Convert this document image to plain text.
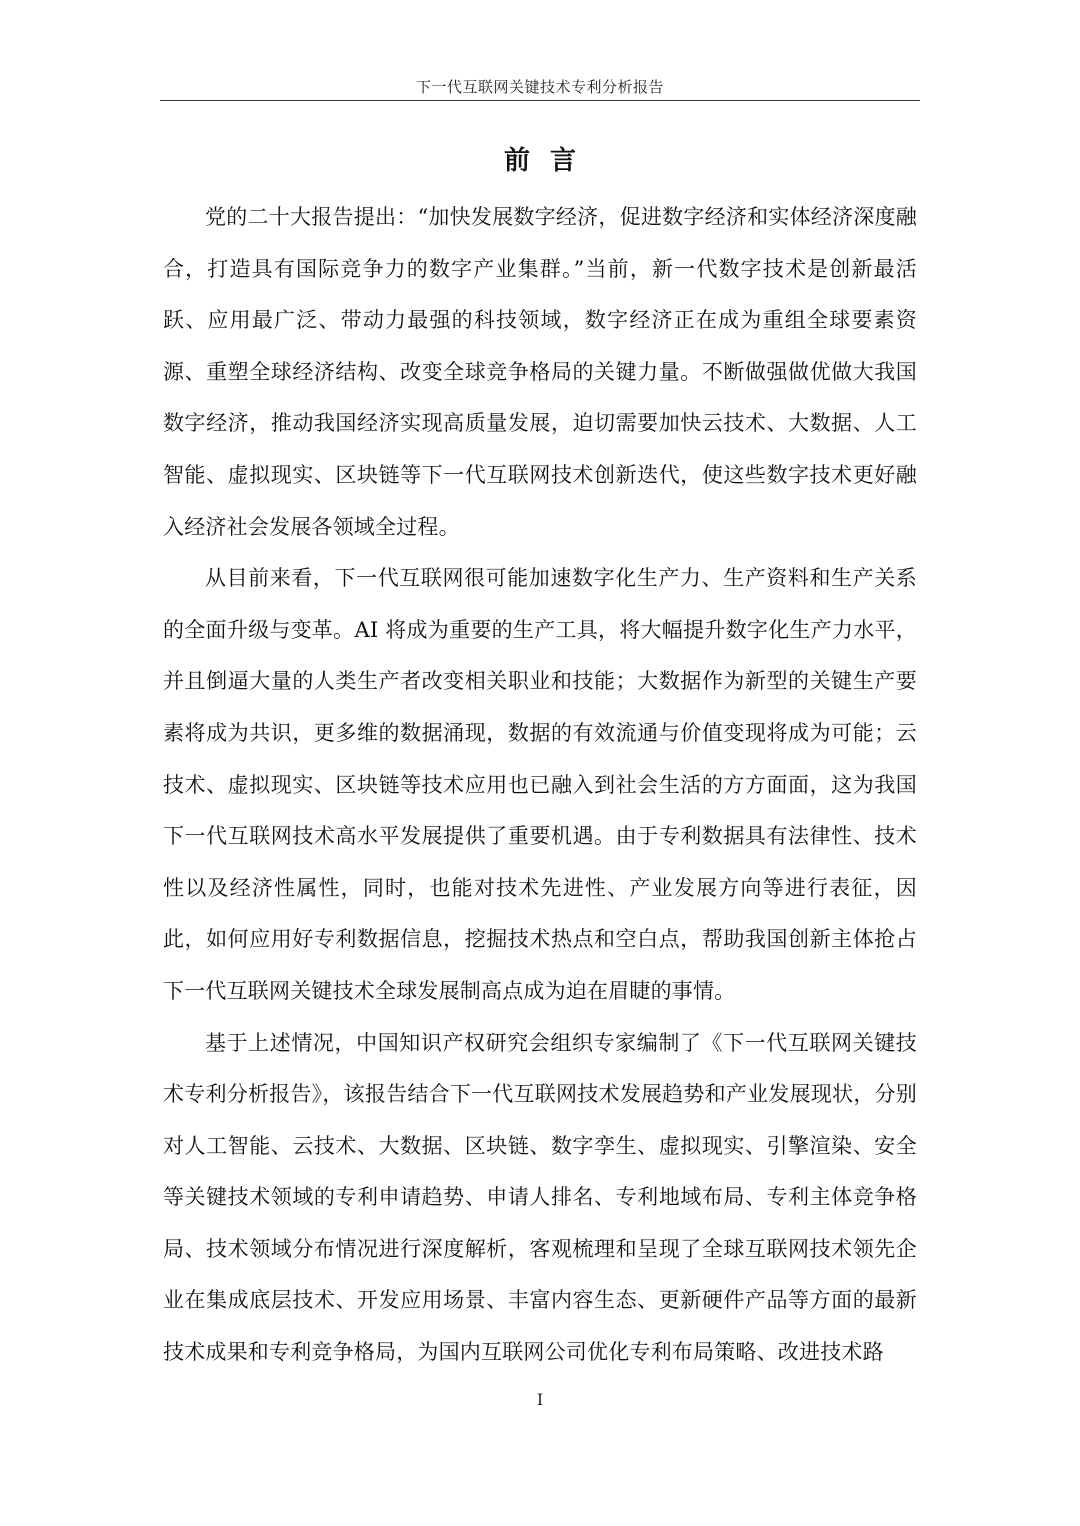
下一代互联网关键技术专利分析报告
前言

党的二十大报告提出：“加快发展数字经济，促进数字经济和实体经济深度融合，打造具有国际竞争力的数字产业集群。”当前，新一代数字技术是创新最活跃、应用最广泛、带动力最强的科技领域，数字经济正在成为重组全球要素资源、重塑全球经济结构、改变全球竞争格局的关键力量。不断做强做优做大我国数字经济，推动我国经济实现高质量发展，迫切需要加快云技术、大数据、人工智能、虚拟现实、区块链等下一代互联网技术创新迭代，使这些数字技术更好融入经济社会发展各领域全过程。

从目前来看，下一代互联网很可能加速数字化生产力、生产资料和生产关系的全面升级与变革。AI 将成为重要的生产工具，将大幅提升数字化生产力水平，并且倒逼大量的人类生产者改变相关职业和技能；大数据作为新型的关键生产要素将成为共识，更多维的数据涌现，数据的有效流通与价值变现将成为可能；云技术、虚拟现实、区块链等技术应用也已融入到社会生活的方方面面，这为我国下一代互联网技术高水平发展提供了重要机遇。由于专利数据具有法律性、技术性以及经济性属性，同时，也能对技术先进性、产业发展方向等进行表征，因此，如何应用好专利数据信息，挖掘技术热点和空白点，帮助我国创新主体抢占下一代互联网关键技术全球发展制高点成为迫在眉睫的事情。

基于上述情况，中国知识产权研究会组织专家编制了《下一代互联网关键技术专利分析报告》，该报告结合下一代互联网技术发展趋势和产业发展现状，分别对人工智能、云技术、大数据、区块链、数字孪生、虚拟现实、引擎渲染、安全等关键技术领域的专利申请趋势、申请人排名、专利地域布局、专利主体竞争格局、技术领域分布情况进行深度解析，客观梳理和呈现了全球互联网技术领先企业在集成底层技术、开发应用场景、丰富内容生态、更新硬件产品等方面的最新技术成果和专利竞争格局，为国内互联网公司优化专利布局策略、改进技术路

I
